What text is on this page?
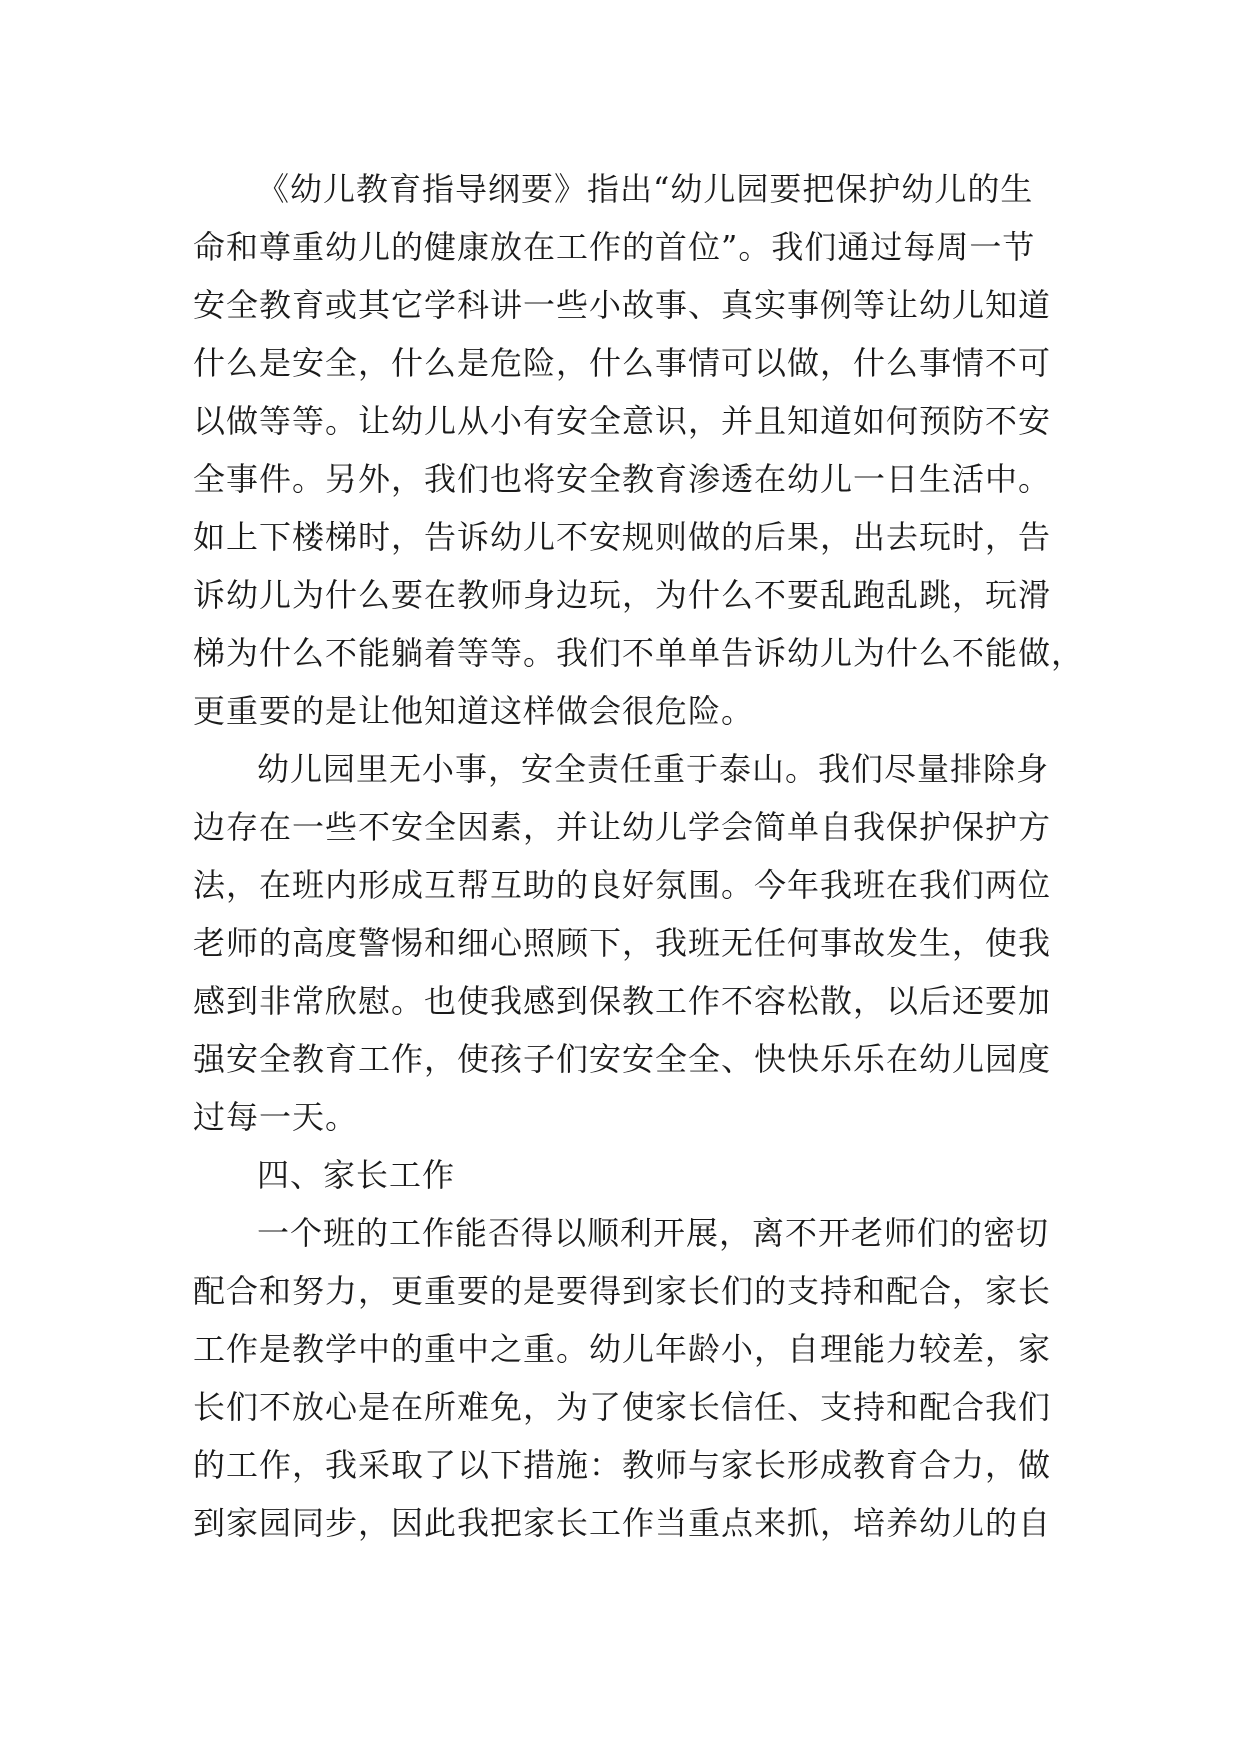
《幼儿教育指导纲要》指出“幼儿园要把保护幼儿的生
命和尊重幼儿的健康放在工作的首位”。我们通过每周一节
安全教育或其它学科讲一些小故事、真实事例等让幼儿知道
什么是安全，什么是危险，什么事情可以做，什么事情不可
以做等等。让幼儿从小有安全意识，并且知道如何预防不安
全事件。另外，我们也将安全教育渗透在幼儿一日生活中。
如上下楼梯时，告诉幼儿不安规则做的后果，出去玩时，告
诉幼儿为什么要在教师身边玩，为什么不要乱跑乱跳，玩滑
梯为什么不能躺着等等。我们不单单告诉幼儿为什么不能做，
更重要的是让他知道这样做会很危险。
幼儿园里无小事，安全责任重于泰山。我们尽量排除身
边存在一些不安全因素，并让幼儿学会简单自我保护保护方
法，在班内形成互帮互助的良好氛围。今年我班在我们两位
老师的高度警惕和细心照顾下，我班无任何事故发生，使我
感到非常欣慰。也使我感到保教工作不容松散，以后还要加
强安全教育工作，使孩子们安安全全、快快乐乐在幼儿园度
过每一天。
四、家长工作
一个班的工作能否得以顺利开展，离不开老师们的密切
配合和努力，更重要的是要得到家长们的支持和配合，家长
工作是教学中的重中之重。幼儿年龄小，自理能力较差，家
长们不放心是在所难免，为了使家长信任、支持和配合我们
的工作，我采取了以下措施：教师与家长形成教育合力，做
到家园同步，因此我把家长工作当重点来抓，培养幼儿的自
